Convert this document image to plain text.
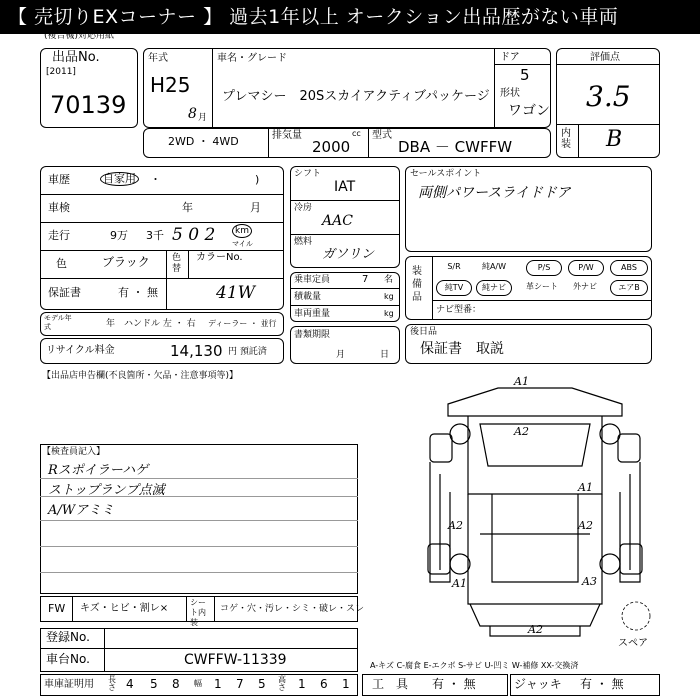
【 売切りEXコーナー 】 過去1年以上 オークション出品歴がない車両
(複合機)対応用紙
出品No.
[2011]
70139
年式
H25
8 月
車名・グレード
プレマシー　20Sスカイアクティブパッケージ
ドア
5
形状
ワゴン
評価点
3.5
内装 B
2WD ・ 4WD	排気量	cc
2000
型式
DBA － CWFFW
車歴	自家用 ・	)
車検	年	月
走行	9万 3千 5 0 2	km
マイル
色	ブラック 色替
カラーNo.
41W
保証書	有 ・ 無
モデル年式	年 ハンドル 左 ・ 右 ディーラー ・ 並行
リサイクル料金	14,130 円 預託済
シフト
IAT
冷房
AAC
燃料
ガソリン
乗車定員	7 名
積載量	kg
車両重量	kg
書類期限
月	日
セールスポイント
両側パワースライドドア
装備品
S/R	純A/W	P/S	P/W	ABS
純TV	純ナビ	革シート	外ナビ	エアB
ナビ型番：
後日品
保証書　取説
【出品店申告欄(不良箇所・欠品・注意事項等)】
【検査員記入】
Rスポイラーハゲ
ストップランプ点滅
A/Wアミミ
A1
A2
A1
A2	A2
A3
A1
A2
スペア
FW キズ・ヒビ・割レ×
シート内装
コゲ・穴・汚レ・シミ・破レ・スレ
登録No.
車台No.	CWFFW-11339	A-キズ C-腐食 E-エクボ S-サビ U-凹ミ W-補修 XX-交換済
車庫証明用 長さ 4 5 8 幅 1 7 5 高さ 1 6 1 工　具 有 ・ 無	ジャッキ 有 ・ 無
